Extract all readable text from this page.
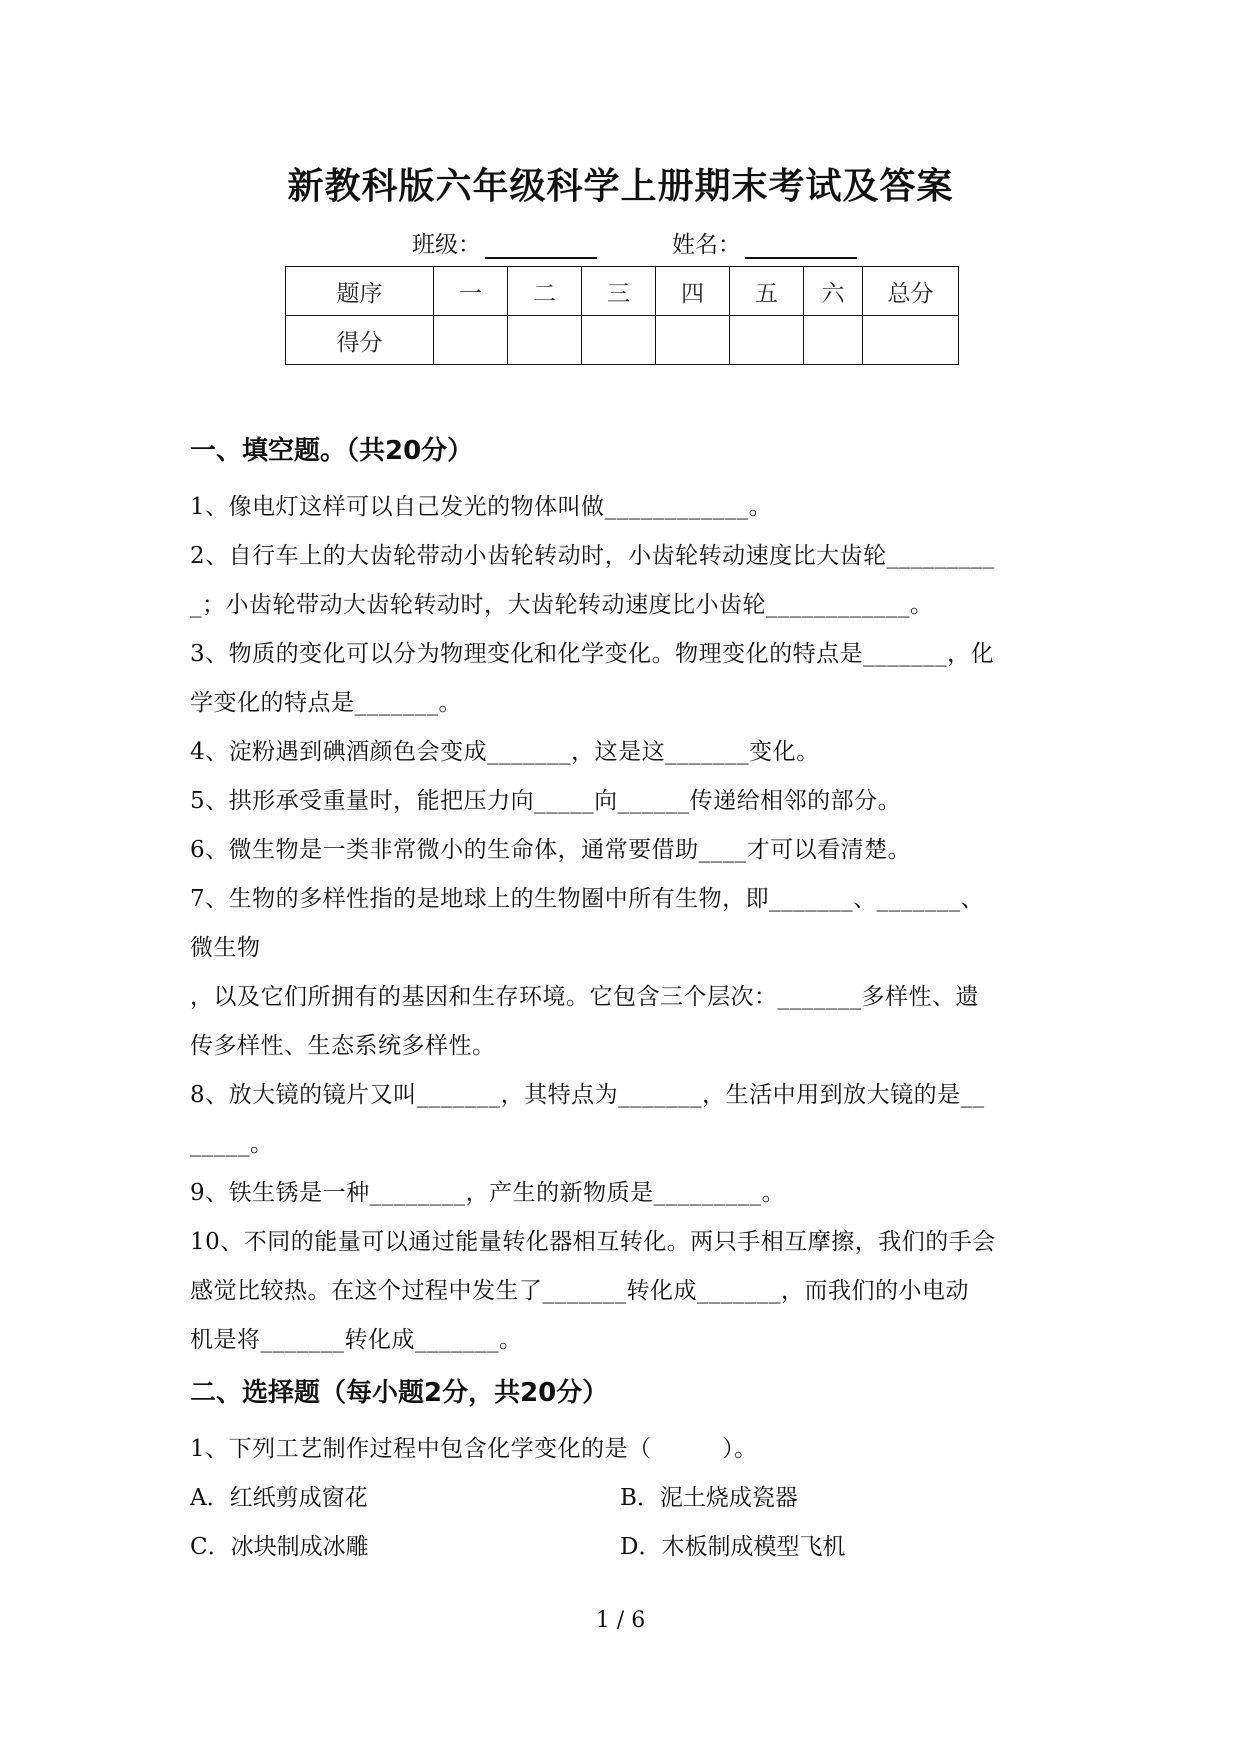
新教科版六年级科学上册期末考试及答案
班级：	姓名：
题序	一	二	三	四	五	六	总分
得分							
一、填空题。（共20分）
1、像电灯这样可以自己发光的物体叫做____________。
2、自行车上的大齿轮带动小齿轮转动时，小齿轮转动速度比大齿轮_________
_；小齿轮带动大齿轮转动时，大齿轮转动速度比小齿轮____________。
3、物质的变化可以分为物理变化和化学变化。物理变化的特点是_______，化
学变化的特点是_______。
4、淀粉遇到碘酒颜色会变成_______，这是这_______变化。
5、拱形承受重量时，能把压力向_____向______传递给相邻的部分。
6、微生物是一类非常微小的生命体，通常要借助____才可以看清楚。
7、生物的多样性指的是地球上的生物圈中所有生物，即_______、_______、
微生物
，以及它们所拥有的基因和生存环境。它包含三个层次：_______多样性、遗
传多样性、生态系统多样性。
8、放大镜的镜片又叫_______，其特点为_______，生活中用到放大镜的是__
_____。
9、铁生锈是一种________，产生的新物质是_________。
10、不同的能量可以通过能量转化器相互转化。两只手相互摩擦，我们的手会
感觉比较热。在这个过程中发生了_______转化成_______，而我们的小电动
机是将_______转化成_______。
二、选择题（每小题2分，共20分）
1、下列工艺制作过程中包含化学变化的是（　　　）。
A．红纸剪成窗花	B．泥土烧成瓷器
C．冰块制成冰雕	D．木板制成模型飞机
1 / 6
